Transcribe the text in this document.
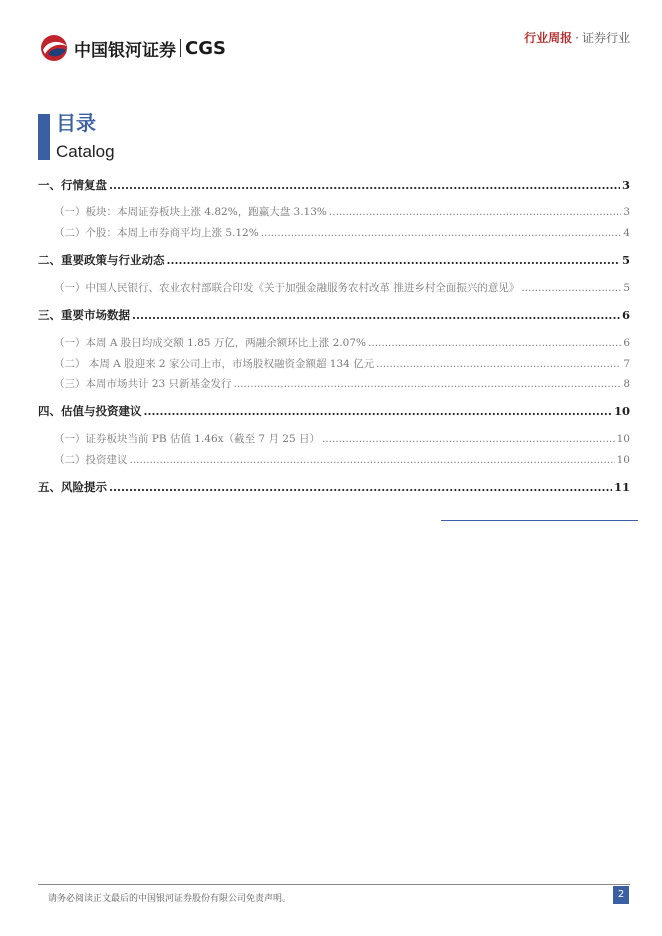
中国银河证券 CGS	行业周报 · 证券行业
目录
Catalog
一、行情复盘 .....	3
（一）板块：本周证券板块上涨 4.82%，跑赢大盘 3.13% .....	3
（二）个股：本周上市券商平均上涨 5.12% .....	4
二、重要政策与行业动态 .....	5
（一）中国人民银行、农业农村部联合印发《关于加强金融服务农村改革 推进乡村全面振兴的意见》 .....	5
三、重要市场数据 .....	6
（一）本周 A 股日均成交额 1.85 万亿，两融余额环比上涨 2.07% .....	6
（二） 本周 A 股迎来 2 家公司上市，市场股权融资金额超 134 亿元 .....	7
（三）本周市场共计 23 只新基金发行 .....	8
四、估值与投资建议 .....	10
（一）证券板块当前 PB 估值 1.46x（截至 7 月 25 日） .....	10
（二）投资建议 .....	10
五、风险提示 .....	11
请务必阅读正文最后的中国银河证券股份有限公司免责声明。	2
